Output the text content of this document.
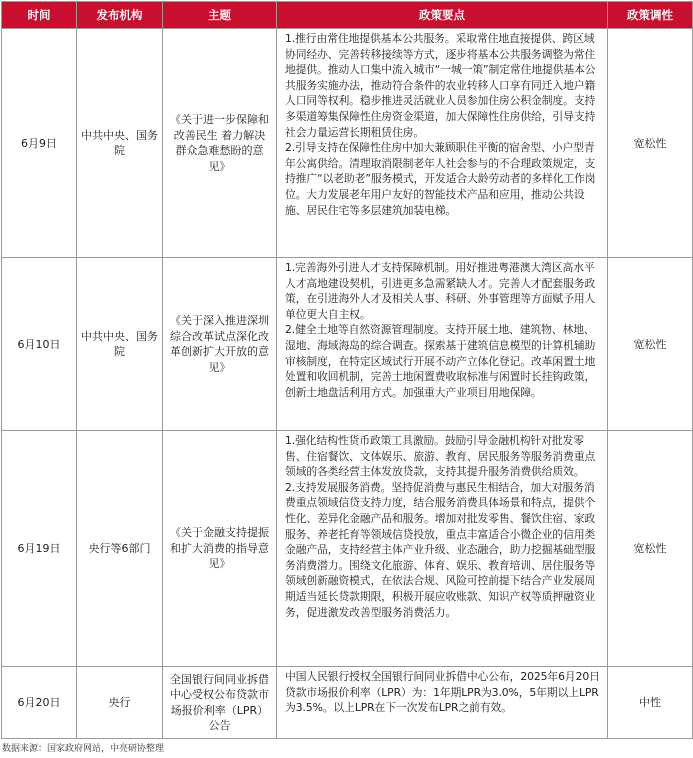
时间	发布机构	主题	政策要点	政策调性
6月9日	中共中央、国务院	《关于进一步保障和改善民生 着力解决群众急难愁盼的意见》	1.推行由常住地提供基本公共服务。采取常住地直接提供、跨区域协同经办、完善转移接续等方式，逐步将基本公共服务调整为常住地提供。推动人口集中流入城市“一城一策”制定常住地提供基本公共服务实施办法，推动符合条件的农业转移人口享有同迁入地户籍人口同等权利。稳步推进灵活就业人员参加住房公积金制度。支持多渠道筹集保障性住房资金渠道，加大保障性住房供给，引导支持社会力量运营长期租赁住房。
2.引导支持在保障性住房中加大兼顾职住平衡的宿舍型、小户型青年公寓供给。清理取消限制老年人社会参与的不合理政策规定，支持推广“以老助老”服务模式，开发适合大龄劳动者的多样化工作岗位。大力发展老年用户友好的智能技术产品和应用，推动公共设施、居民住宅等多层建筑加装电梯。	宽松性
6月10日	中共中央、国务院	《关于深入推进深圳综合改革试点深化改革创新扩大开放的意见》	1.完善海外引进人才支持保障机制。用好推进粤港澳大湾区高水平人才高地建设契机，引进更多急需紧缺人才。完善人才配套服务政策，在引进海外人才及相关人事、科研、外事管理等方面赋予用人单位更大自主权。
2.健全土地等自然资源管理制度。支持开展土地、建筑物、林地、湿地、海域海岛的综合调查。探索基于建筑信息模型的计算机辅助审核制度，在特定区域试行开展不动产立体化登记。改革闲置土地处置和收回机制，完善土地闲置费收取标准与闲置时长挂钩政策，创新土地盘活利用方式。加强重大产业项目用地保障。	宽松性
6月19日	央行等6部门	《关于金融支持提振和扩大消费的指导意见》	1.强化结构性货币政策工具激励。鼓励引导金融机构针对批发零售、住宿餐饮、文体娱乐、旅游、教育、居民服务等服务消费重点领域的各类经营主体发放贷款，支持其提升服务消费供给质效。
2.支持发展服务消费。坚持促消费与惠民生相结合，加大对服务消费重点领域信贷支持力度，结合服务消费具体场景和特点，提供个性化、差异化金融产品和服务。增加对批发零售、餐饮住宿、家政服务、养老托育等领域信贷投放，重点丰富适合小微企业的信用类金融产品，支持经营主体产业升级、业态融合，助力挖掘基础型服务消费潜力。围绕文化旅游、体育、娱乐、教育培训、居住服务等领域创新融资模式，在依法合规、风险可控前提下结合产业发展周期适当延长贷款期限，积极开展应收账款、知识产权等质押融资业务，促进激发改善型服务消费活力。	宽松性
6月20日	央行	全国银行间同业拆借中心受权公布贷款市场报价利率（LPR）公告	中国人民银行授权全国银行间同业拆借中心公布，2025年6月20日贷款市场报价利率（LPR）为：1年期LPR为3.0%，5年期以上LPR为3.5%。以上LPR在下一次发布LPR之前有效。	中性
数据来源：国家政府网站，中亮研协整理
